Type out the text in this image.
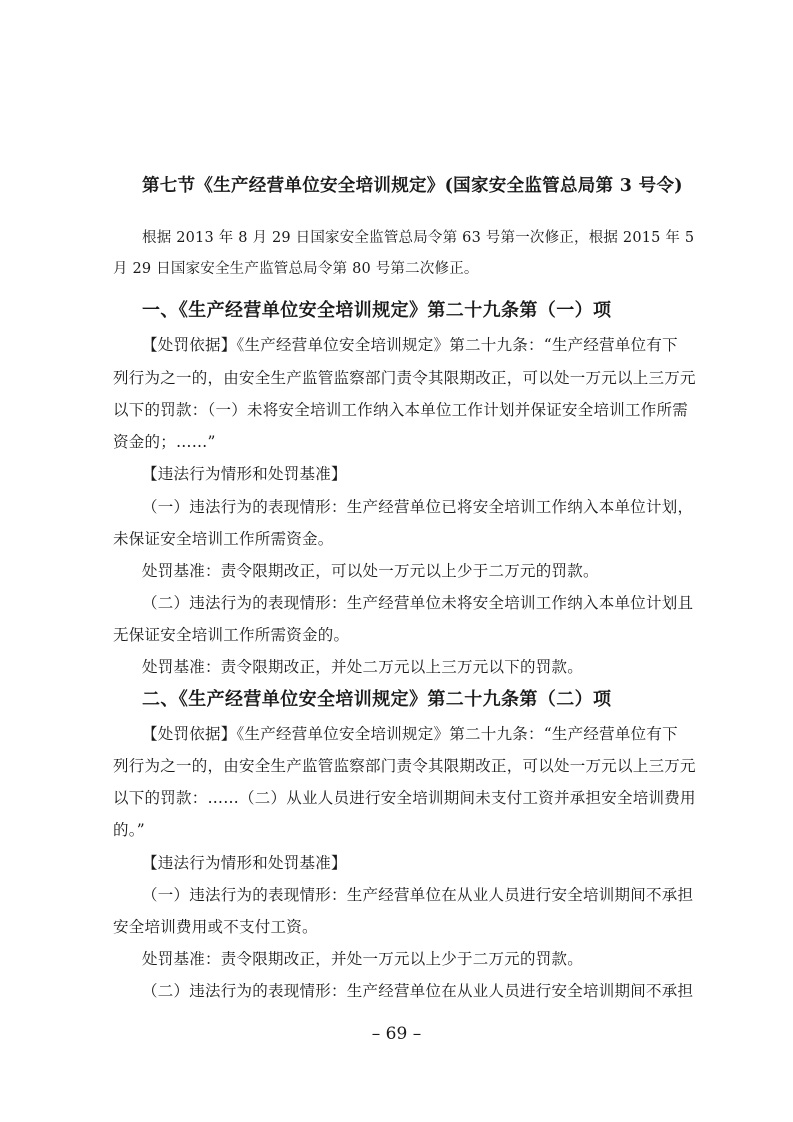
第七节《生产经营单位安全培训规定》(国家安全监管总局第 3 号令)
根据 2013 年 8 月 29 日国家安全监管总局令第 63 号第一次修正，根据 2015 年 5
月 29 日国家安全生产监管总局令第 80 号第二次修正。
一、《生产经营单位安全培训规定》第二十九条第（一）项
【处罚依据】《生产经营单位安全培训规定》第二十九条：“生产经营单位有下
列行为之一的，由安全生产监管监察部门责令其限期改正，可以处一万元以上三万元
以下的罚款：（一）未将安全培训工作纳入本单位工作计划并保证安全培训工作所需
资金的；……”
【违法行为情形和处罚基准】
（一）违法行为的表现情形：生产经营单位已将安全培训工作纳入本单位计划，
未保证安全培训工作所需资金。
处罚基准：责令限期改正，可以处一万元以上少于二万元的罚款。
（二）违法行为的表现情形：生产经营单位未将安全培训工作纳入本单位计划且
无保证安全培训工作所需资金的。
处罚基准：责令限期改正，并处二万元以上三万元以下的罚款。
二、《生产经营单位安全培训规定》第二十九条第（二）项
【处罚依据】《生产经营单位安全培训规定》第二十九条：“生产经营单位有下
列行为之一的，由安全生产监管监察部门责令其限期改正，可以处一万元以上三万元
以下的罚款：……（二）从业人员进行安全培训期间未支付工资并承担安全培训费用
的。”
【违法行为情形和处罚基准】
（一）违法行为的表现情形：生产经营单位在从业人员进行安全培训期间不承担
安全培训费用或不支付工资。
处罚基准：责令限期改正，并处一万元以上少于二万元的罚款。
（二）违法行为的表现情形：生产经营单位在从业人员进行安全培训期间不承担
– 69 –
